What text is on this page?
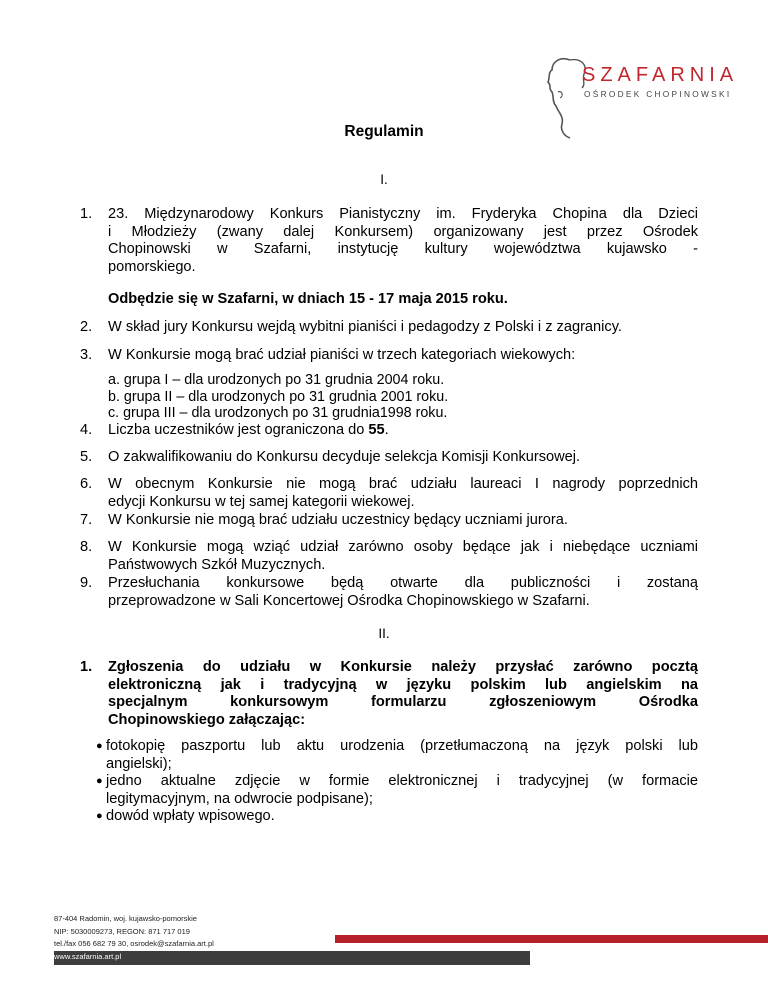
SZAFARNIA
OŚRODEK CHOPINOWSKI
Regulamin
I.
1. 23. Międzynarodowy Konkurs Pianistyczny im. Fryderyka Chopina dla Dzieci
i Młodzieży (zwany dalej Konkursem) organizowany jest przez Ośrodek
Chopinowski w Szafarni, instytucję kultury województwa kujawsko -
pomorskiego.
Odbędzie się w Szafarni, w dniach 15 - 17 maja 2015 roku.
2. W skład jury Konkursu wejdą wybitni pianiści i pedagodzy z Polski i z zagranicy.
3. W Konkursie mogą brać udział pianiści w trzech kategoriach wiekowych:
a. grupa I – dla urodzonych po 31 grudnia 2004 roku.
b. grupa II – dla urodzonych po 31 grudnia 2001 roku.
c. grupa III – dla urodzonych po 31 grudnia1998 roku.
4. Liczba uczestników jest ograniczona do 55.
5. O zakwalifikowaniu do Konkursu decyduje selekcja Komisji Konkursowej.
6. W obecnym Konkursie nie mogą brać udziału laureaci I nagrody poprzednich
edycji Konkursu w tej samej kategorii wiekowej.
7. W Konkursie nie mogą brać udziału uczestnicy będący uczniami jurora.
8. W Konkursie mogą wziąć udział zarówno osoby będące jak i niebędące uczniami
Państwowych Szkół Muzycznych.
9. Przesłuchania konkursowe będą otwarte dla publiczności i zostaną
przeprowadzone w Sali Koncertowej Ośrodka Chopinowskiego w Szafarni.
II.
1. Zgłoszenia do udziału w Konkursie należy przysłać zarówno pocztą
elektroniczną jak i tradycyjną w języku polskim lub angielskim na
specjalnym konkursowym formularzu zgłoszeniowym Ośrodka
Chopinowskiego załączając:
● fotokopię paszportu lub aktu urodzenia (przetłumaczoną na język polski lub
angielski);
● jedno aktualne zdjęcie w formie elektronicznej i tradycyjnej (w formacie
legitymacyjnym, na odwrocie podpisane);
● dowód wpłaty wpisowego.
87-404 Radomin, woj. kujawsko-pomorskie
NIP: 5030009273, REGON: 871 717 019
tel./fax 056 682 79 30, osrodek@szafarnia.art.pl
www.szafarnia.art.pl
